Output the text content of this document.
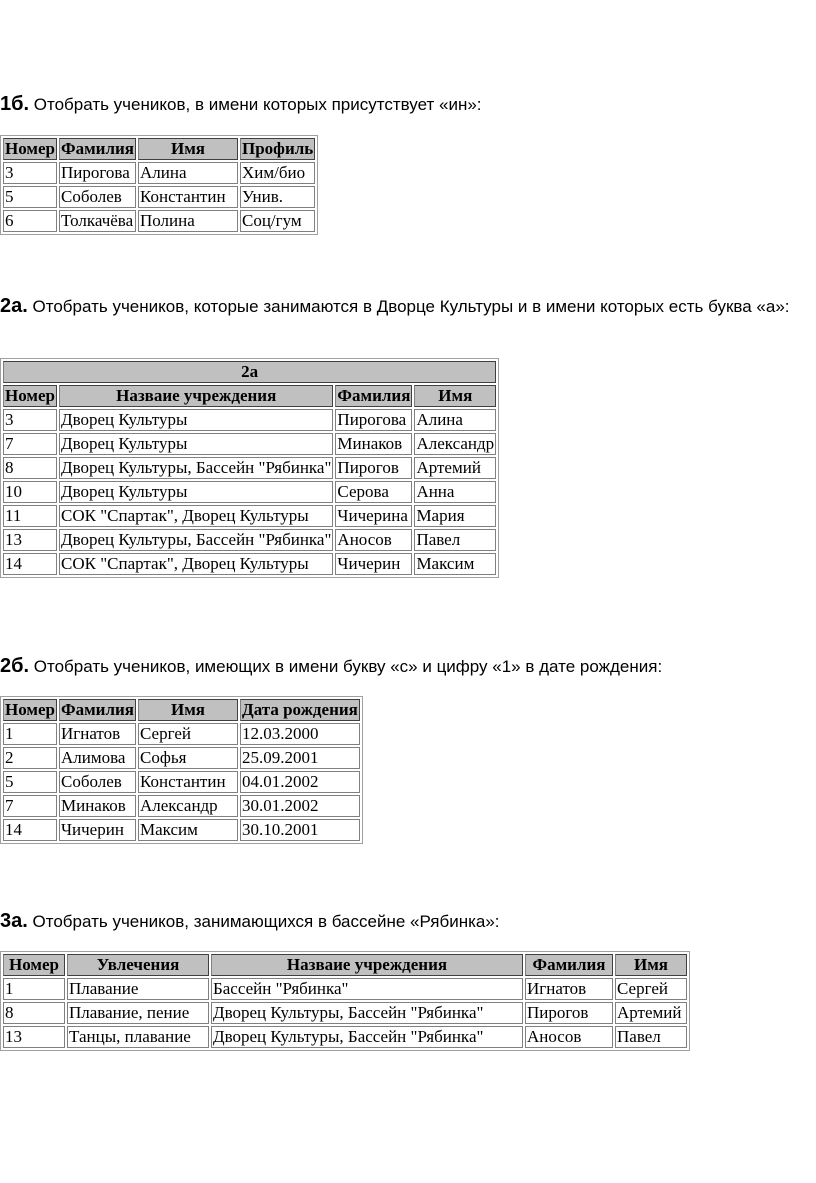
1б. Отобрать учеников, в имени которых присутствует «ин»:

Номер	Фамилия	Имя	Профиль
3	Пирогова	Алина	Хим/био
5	Соболев	Константин	Унив.
6	Толкачёва	Полина	Соц/гум

2а. Отобрать учеников, которые занимаются в Дворце Культуры и в имени которых есть буква «а»:

2а			
Номер	Назваие учреждения	Фамилия	Имя
3	Дворец Культуры	Пирогова	Алина
7	Дворец Культуры	Минаков	Александр
8	Дворец Культуры, Бассейн "Рябинка"	Пирогов	Артемий
10	Дворец Культуры	Серова	Анна
11	СОК "Спартак", Дворец Культуры	Чичерина	Мария
13	Дворец Культуры, Бассейн "Рябинка"	Аносов	Павел
14	СОК "Спартак", Дворец Культуры	Чичерин	Максим

2б. Отобрать учеников, имеющих в имени букву «с» и цифру «1» в дате рождения:

Номер	Фамилия	Имя	Дата рождения
1	Игнатов	Сергей	12.03.2000
2	Алимова	Софья	25.09.2001
5	Соболев	Константин	04.01.2002
7	Минаков	Александр	30.01.2002
14	Чичерин	Максим	30.10.2001

3а. Отобрать учеников, занимающихся в бассейне «Рябинка»:

Номер	Увлечения	Назваие учреждения	Фамилия	Имя
1	Плавание	Бассейн "Рябинка"	Игнатов	Сергей
8	Плавание, пение	Дворец Культуры, Бассейн "Рябинка"	Пирогов	Артемий
13	Танцы, плавание	Дворец Культуры, Бассейн "Рябинка"	Аносов	Павел
